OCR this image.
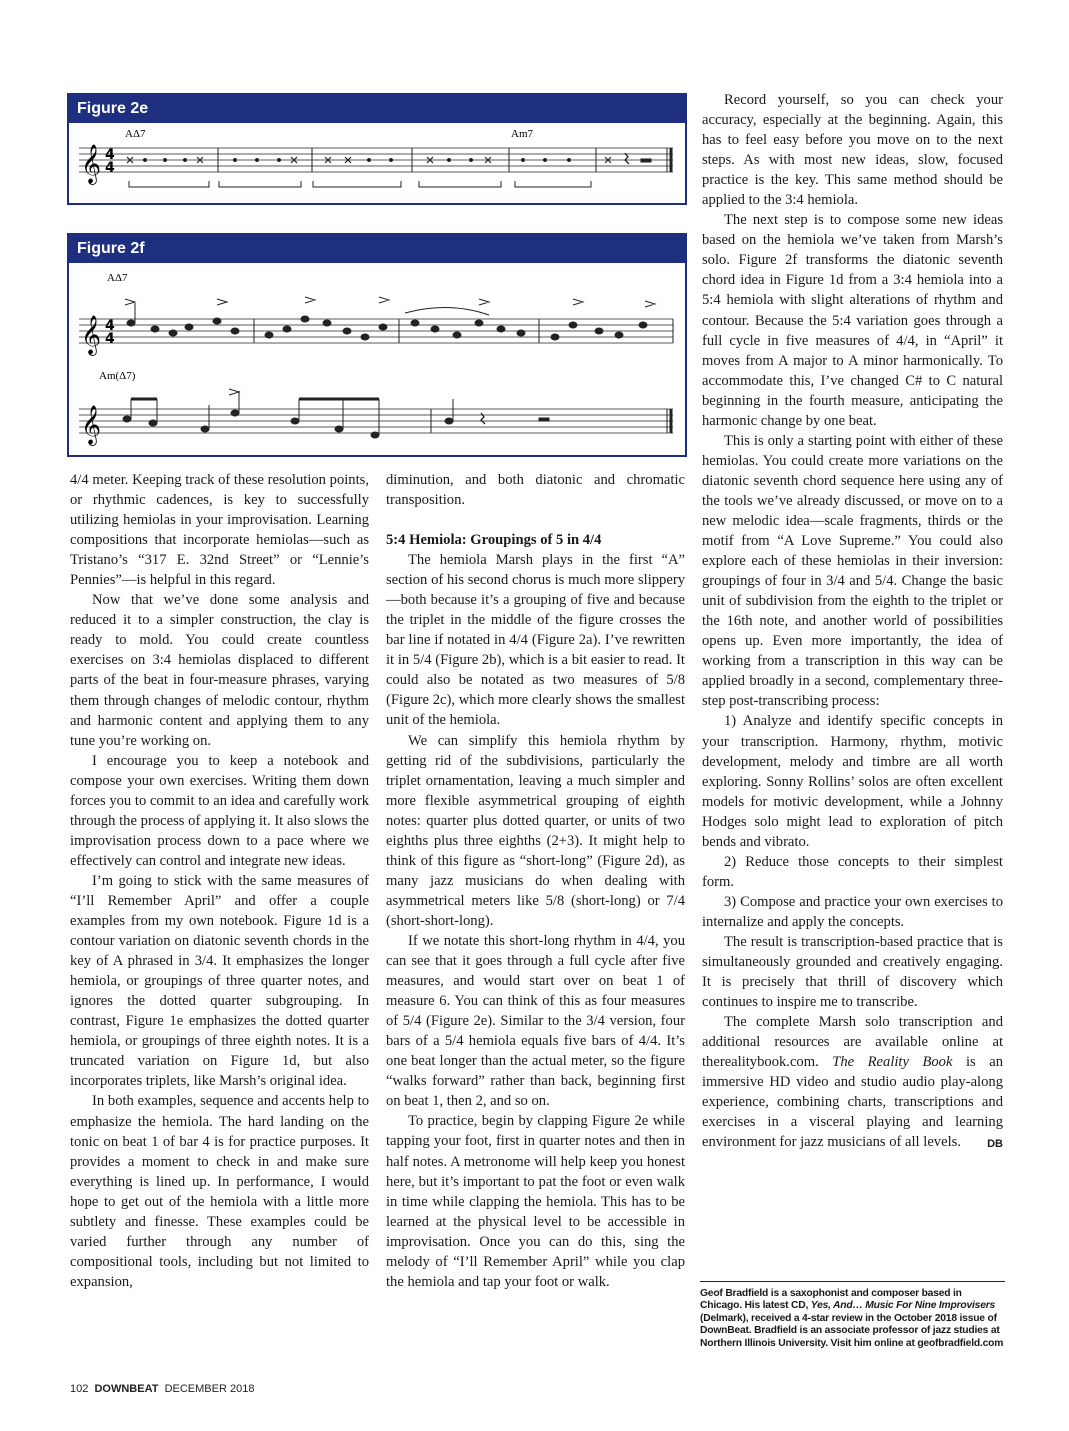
Figure 2e
AΔ7	Am7
𝄞 4
4
Figure 2f
AΔ7
𝄞 4
4
Am(Δ7)
𝄞

4/4 meter. Keeping track of these resolution points, or rhythmic cadences, is key to successfully utilizing hemiolas in your improvisation. Learning compositions that incorporate hemiolas—such as Tristano’s “317 E. 32nd Street” or “Lennie’s Pennies”—is helpful in this regard.

Now that we’ve done some analysis and reduced it to a simpler construction, the clay is ready to mold. You could create countless exercises on 3:4 hemiolas displaced to different parts of the beat in four-measure phrases, varying them through changes of melodic contour, rhythm and harmonic content and applying them to any tune you’re working on.

I encourage you to keep a notebook and compose your own exercises. Writing them down forces you to commit to an idea and carefully work through the process of applying it. It also slows the improvisation process down to a pace where we effectively can control and integrate new ideas.

I’m going to stick with the same measures of “I’ll Remember April” and offer a couple examples from my own notebook. Figure 1d is a contour variation on diatonic seventh chords in the key of A phrased in 3/4. It emphasizes the longer hemiola, or groupings of three quarter notes, and ignores the dotted quarter subgrouping. In contrast, Figure 1e emphasizes the dotted quarter hemiola, or groupings of three eighth notes. It is a truncated variation on Figure 1d, but also incorporates triplets, like Marsh’s original idea.

In both examples, sequence and accents help to emphasize the hemiola. The hard landing on the tonic on beat 1 of bar 4 is for practice purposes. It provides a moment to check in and make sure everything is lined up. In performance, I would hope to get out of the hemiola with a little more subtlety and finesse. These examples could be varied further through any number of compositional tools, including but not limited to expansion,

diminution, and both diatonic and chromatic transposition.

5:4 Hemiola: Groupings of 5 in 4/4

The hemiola Marsh plays in the first “A” section of his second chorus is much more slippery—both because it’s a grouping of five and because the triplet in the middle of the figure crosses the bar line if notated in 4/4 (Figure 2a). I’ve rewritten it in 5/4 (Figure 2b), which is a bit easier to read. It could also be notated as two measures of 5/8 (Figure 2c), which more clearly shows the smallest unit of the hemiola.

We can simplify this hemiola rhythm by getting rid of the subdivisions, particularly the triplet ornamentation, leaving a much simpler and more flexible asymmetrical grouping of eighth notes: quarter plus dotted quarter, or units of two eighths plus three eighths (2+3). It might help to think of this figure as “short-long” (Figure 2d), as many jazz musicians do when dealing with asymmetrical meters like 5/8 (short-long) or 7/4 (short-short-long).

If we notate this short-long rhythm in 4/4, you can see that it goes through a full cycle after five measures, and would start over on beat 1 of measure 6. You can think of this as four measures of 5/4 (Figure 2e). Similar to the 3/4 version, four bars of a 5/4 hemiola equals five bars of 4/4. It’s one beat longer than the actual meter, so the figure “walks forward” rather than back, beginning first on beat 1, then 2, and so on.

To practice, begin by clapping Figure 2e while tapping your foot, first in quarter notes and then in half notes. A metronome will help keep you honest here, but it’s important to pat the foot or even walk in time while clapping the hemiola. This has to be learned at the physical level to be accessible in improvisation. Once you can do this, sing the melody of “I’ll Remember April” while you clap the hemiola and tap your foot or walk.

Record yourself, so you can check your accuracy, especially at the beginning. Again, this has to feel easy before you move on to the next steps. As with most new ideas, slow, focused practice is the key. This same method should be applied to the 3:4 hemiola.

The next step is to compose some new ideas based on the hemiola we’ve taken from Marsh’s solo. Figure 2f transforms the diatonic seventh chord idea in Figure 1d from a 3:4 hemiola into a 5:4 hemiola with slight alterations of rhythm and contour. Because the 5:4 variation goes through a full cycle in five measures of 4/4, in “April” it moves from A major to A minor harmonically. To accommodate this, I’ve changed C# to C natural beginning in the fourth measure, anticipating the harmonic change by one beat.

This is only a starting point with either of these hemiolas. You could create more variations on the diatonic seventh chord sequence here using any of the tools we’ve already discussed, or move on to a new melodic idea—scale fragments, thirds or the motif from “A Love Supreme.” You could also explore each of these hemiolas in their inversion: groupings of four in 3/4 and 5/4. Change the basic unit of subdivision from the eighth to the triplet or the 16th note, and another world of possibilities opens up. Even more importantly, the idea of working from a transcription in this way can be applied broadly in a second, complementary three-step post-transcribing process:

1) Analyze and identify specific concepts in your transcription. Harmony, rhythm, motivic development, melody and timbre are all worth exploring. Sonny Rollins’ solos are often excellent models for motivic development, while a Johnny Hodges solo might lead to exploration of pitch bends and vibrato.

2) Reduce those concepts to their simplest form.

3) Compose and practice your own exercises to internalize and apply the concepts.

The result is transcription-based practice that is simultaneously grounded and creatively engaging. It is precisely that thrill of discovery which continues to inspire me to transcribe.

The complete Marsh solo transcription and additional resources are available online at therealitybook.com. The Reality Book is an immersive HD video and studio audio play-along experience, combining charts, transcriptions and exercises in a visceral playing and learning environment for jazz musicians of all levels.	DB

Geof Bradfield is a saxophonist and composer based in Chicago. His latest CD, Yes, And… Music For Nine Improvisers (Delmark), received a 4-star review in the October 2018 issue of DownBeat. Bradfield is an associate professor of jazz studies at Northern Illinois University. Visit him online at geofbradfield.com
102 DOWNBEAT DECEMBER 2018
